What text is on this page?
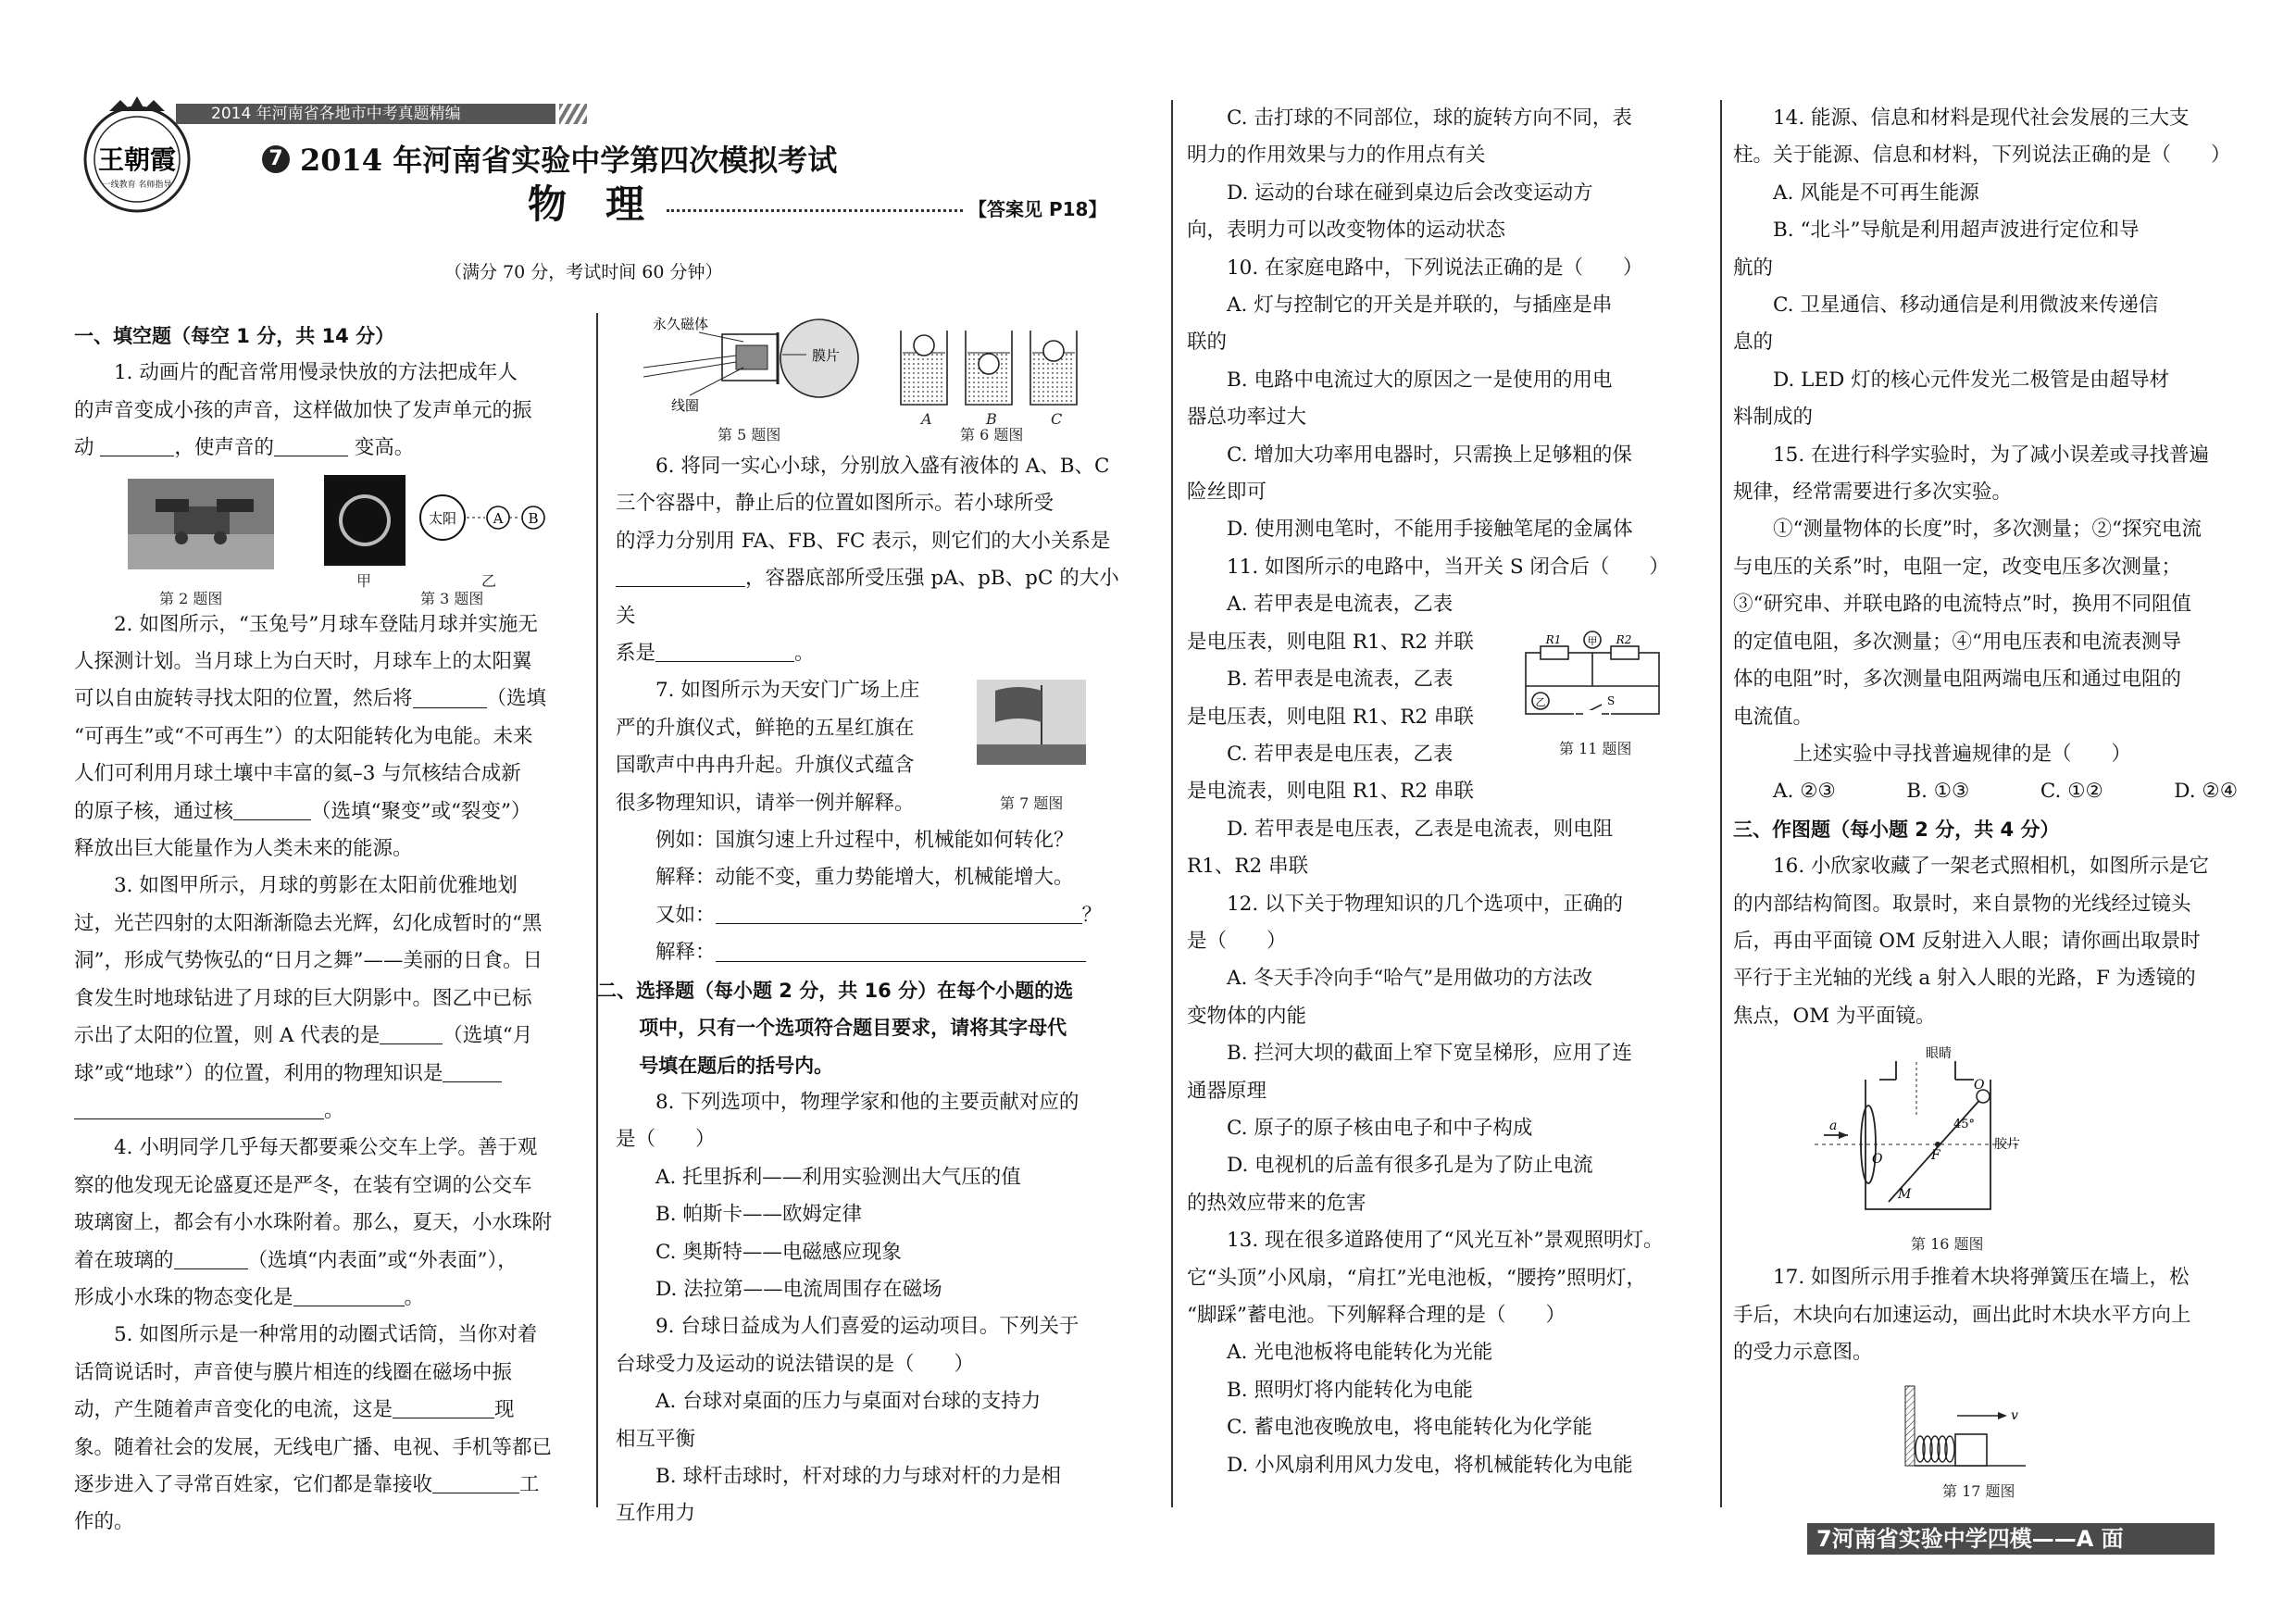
2014 年河南省各地市中考真题精编
王朝霞
一线教育 名师指导
7 2014 年河南省实验中学第四次模拟考试
物　理	【答案见 P18】
（满分 70 分，考试时间 60 分钟）

一、填空题（每空 1 分，共 14 分）

1. 动画片的配音常用慢录快放的方法把成年人

的声音变成小孩的声音，这样做加快了发声单元的振

动	，使声音的	变高。

太阳	A B
甲	乙
第 2 题图	第 3 题图

2. 如图所示，“玉兔号”月球车登陆月球并实施无

人探测计划。当月球上为白天时，月球车上的太阳翼

可以自由旋转寻找太阳的位置，然后将	（选填

“可再生”或“不可再生”）的太阳能转化为电能。未来

人们可利用月球土壤中丰富的氦–3 与氘核结合成新

的原子核，通过核	（选填“聚变”或“裂变”）

释放出巨大能量作为人类未来的能源。

3. 如图甲所示，月球的剪影在太阳前优雅地划

过，光芒四射的太阳渐渐隐去光辉，幻化成暂时的“黑

洞”，形成气势恢弘的“日月之舞”——美丽的日食。日

食发生时地球钻进了月球的巨大阴影中。图乙中已标

示出了太阳的位置，则 A 代表的是	（选填“月

球”或“地球”）的位置，利用的物理知识是

。

4. 小明同学几乎每天都要乘公交车上学。善于观

察的他发现无论盛夏还是严冬，在装有空调的公交车

玻璃窗上，都会有小水珠附着。那么，夏天，小水珠附

着在玻璃的	（选填“内表面”或“外表面”），

形成小水珠的物态变化是	。

5. 如图所示是一种常用的动圈式话筒，当你对着

话筒说话时，声音使与膜片相连的线圈在磁场中振

动，产生随着声音变化的电流，这是	现

象。随着社会的发展，无线电广播、电视、手机等都已

逐步进入了寻常百姓家，它们都是靠接收	工

作的。

永久磁体
膜片
线圈
A	B	C
第 5 题图	第 6 题图

6. 将同一实心小球，分别放入盛有液体的 A、B、C

三个容器中，静止后的位置如图所示。若小球所受

的浮力分别用 FA、FB、FC 表示，则它们的大小关系是

，容器底部所受压强 pA、pB、pC 的大小关

系是	。

7. 如图所示为天安门广场上庄

严的升旗仪式，鲜艳的五星红旗在

国歌声中冉冉升起。升旗仪式蕴含

很多物理知识，请举一例并解释。	第 7 题图

例如：国旗匀速上升过程中，机械能如何转化？

解释：动能不变，重力势能增大，机械能增大。

又如：	？

解释：

二、选择题（每小题 2 分，共 16 分）在每个小题的选

项中，只有一个选项符合题目要求，请将其字母代

号填在题后的括号内。

8. 下列选项中，物理学家和他的主要贡献对应的

是（　　）

A. 托里拆利——利用实验测出大气压的值

B. 帕斯卡——欧姆定律

C. 奥斯特——电磁感应现象

D. 法拉第——电流周围存在磁场

9. 台球日益成为人们喜爱的运动项目。下列关于

台球受力及运动的说法错误的是（　　）

A. 台球对桌面的压力与桌面对台球的支持力

相互平衡

B. 球杆击球时，杆对球的力与球对杆的力是相

互作用力

C. 击打球的不同部位，球的旋转方向不同，表

明力的作用效果与力的作用点有关

D. 运动的台球在碰到桌边后会改变运动方

向，表明力可以改变物体的运动状态

10. 在家庭电路中，下列说法正确的是（　　）

A. 灯与控制它的开关是并联的，与插座是串

联的

B. 电路中电流过大的原因之一是使用的用电

器总功率过大

C. 增加大功率用电器时，只需换上足够粗的保

险丝即可

D. 使用测电笔时，不能用手接触笔尾的金属体

11. 如图所示的电路中，当开关 S 闭合后（　　）

A. 若甲表是电流表，乙表

是电压表，则电阻 R1、R2 并联

B. 若甲表是电流表，乙表

是电压表，则电阻 R1、R2 串联

C. 若甲表是电压表，乙表

是电流表，则电阻 R1、R2 串联

甲
乙
R1	R2
S
第 11 题图

D. 若甲表是电压表，乙表是电流表，则电阻

R1、R2 串联

12. 以下关于物理知识的几个选项中，正确的

是（　　）

A. 冬天手冷向手“哈气”是用做功的方法改

变物体的内能

B. 拦河大坝的截面上窄下宽呈梯形，应用了连

通器原理

C. 原子的原子核由电子和中子构成

D. 电视机的后盖有很多孔是为了防止电流

的热效应带来的危害

13. 现在很多道路使用了“风光互补”景观照明灯。

它“头顶”小风扇，“肩扛”光电池板，“腰挎”照明灯，

“脚踩”蓄电池。下列解释合理的是（　　）

A. 光电池板将电能转化为光能

B. 照明灯将内能转化为电能

C. 蓄电池夜晚放电，将电能转化为化学能

D. 小风扇利用风力发电，将机械能转化为电能

14. 能源、信息和材料是现代社会发展的三大支

柱。关于能源、信息和材料，下列说法正确的是（　　）

A. 风能是不可再生能源

B. “北斗”导航是利用超声波进行定位和导

航的

C. 卫星通信、移动通信是利用微波来传递信

息的

D. LED 灯的核心元件发光二极管是由超导材

料制成的

15. 在进行科学实验时，为了减小误差或寻找普遍

规律，经常需要进行多次实验。

①“测量物体的长度”时，多次测量；②“探究电流

与电压的关系”时，电阻一定，改变电压多次测量；

③“研究串、并联电路的电流特点”时，换用不同阻值

的定值电阻，多次测量；④“用电压表和电流表测导

体的电阻”时，多次测量电阻两端电压和通过电阻的

电流值。

上述实验中寻找普遍规律的是（　　）

A. ②③	B. ①③	C. ①②	D. ②④

三、作图题（每小题 2 分，共 4 分）

16. 小欣家收藏了一架老式照相机，如图所示是它

的内部结构简图。取景时，来自景物的光线经过镜头

后，再由平面镜 OM 反射进入人眼；请你画出取景时

平行于主光轴的光线 a 射入人眼的光路，F 为透镜的

焦点，OM 为平面镜。

眼睛
胶片
45°
O
O	F
M
a
第 16 题图

17. 如图所示用手推着木块将弹簧压在墙上，松

手后，木块向右加速运动，画出此时木块水平方向上

的受力示意图。

v
第 17 题图
7河南省实验中学四模——A 面
